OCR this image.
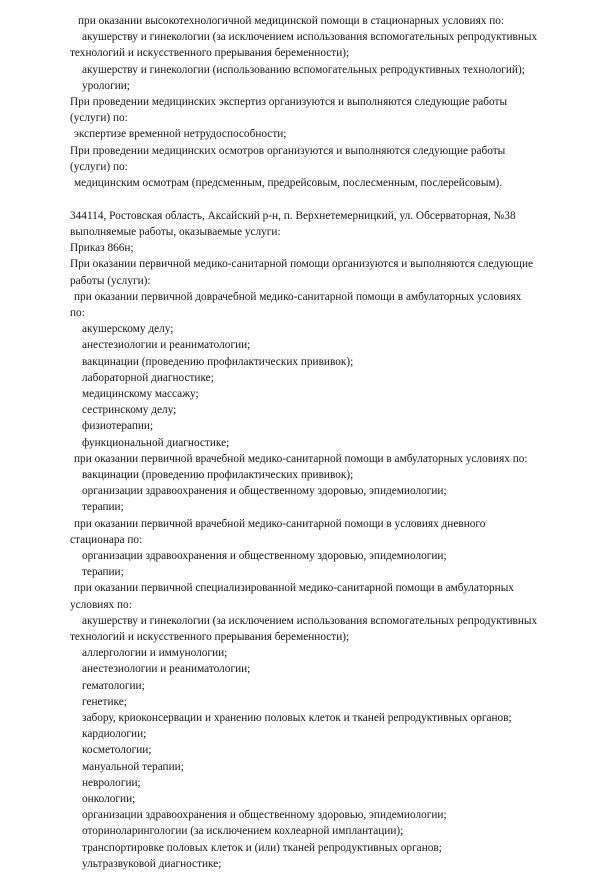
при оказании высокотехнологичной медицинской помощи в стационарных условиях по:
акушерству и гинекологии (за исключением использования вспомогательных репродуктивных
технологий и искусственного прерывания беременности);
акушерству и гинекологии (использованию вспомогательных репродуктивных технологий);
урологии;
При проведении медицинских экспертиз организуются и выполняются следующие работы
(услуги) по:
экспертизе временной нетрудоспособности;
При проведении медицинских осмотров организуются и выполняются следующие работы
(услуги) по:
медицинским осмотрам (предсменным, предрейсовым, послесменным, послерейсовым).
344114, Ростовская область, Аксайский р-н, п. Верхнетемерницкий, ул. Обсерваторная, №38
выполняемые работы, оказываемые услуги:
Приказ 866н;
При оказании первичной медико-санитарной помощи организуются и выполняются следующие
работы (услуги):
при оказании первичной доврачебной медико-санитарной помощи в амбулаторных условиях
по:
акушерскому делу;
анестезиологии и реаниматологии;
вакцинации (проведению профилактических прививок);
лабораторной диагностике;
медицинскому массажу;
сестринскому делу;
физиотерапии;
функциональной диагностике;
при оказании первичной врачебной медико-санитарной помощи в амбулаторных условиях по:
вакцинации (проведению профилактических прививок);
организации здравоохранения и общественному здоровью, эпидемиологии;
терапии;
при оказании первичной врачебной медико-санитарной помощи в условиях дневного
стационара по:
организации здравоохранения и общественному здоровью, эпидемиологии;
терапии;
при оказании первичной специализированной медико-санитарной помощи в амбулаторных
условиях по:
акушерству и гинекологии (за исключением использования вспомогательных репродуктивных
технологий и искусственного прерывания беременности);
аллергологии и иммунологии;
анестезиологии и реаниматологии;
гематологии;
генетике;
забору, криоконсервации и хранению половых клеток и тканей репродуктивных органов;
кардиологии;
косметологии;
мануальной терапии;
неврологии;
онкологии;
организации здравоохранения и общественному здоровью, эпидемиологии;
оториноларингологии (за исключением кохлеарной имплантации);
транспортировке половых клеток и (или) тканей репродуктивных органов;
ультразвуковой диагностике;
